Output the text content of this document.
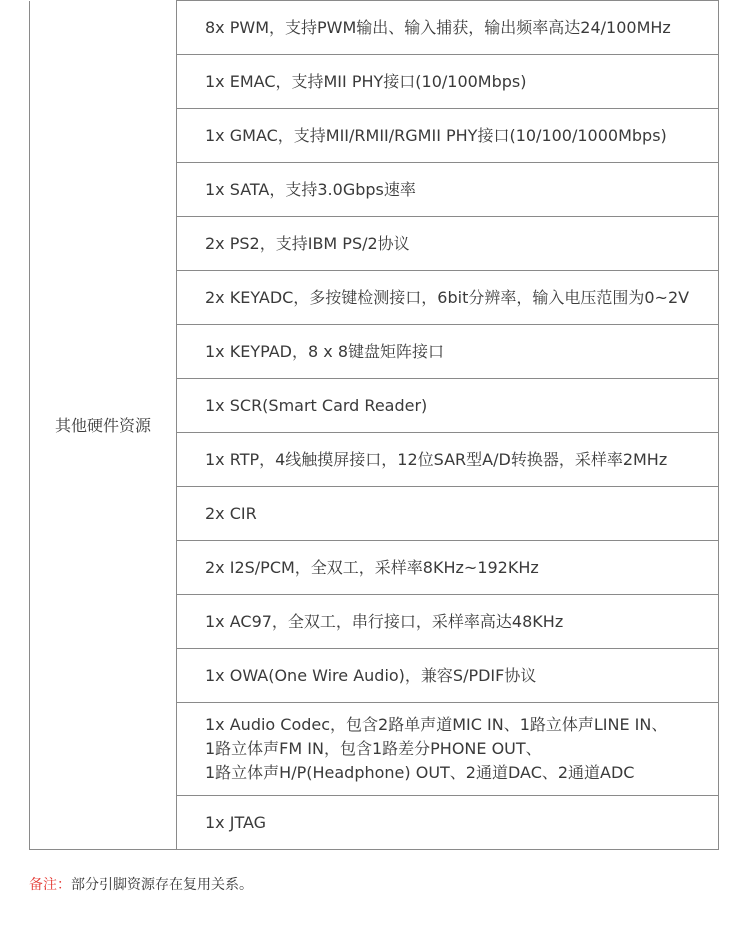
其他硬件资源	8x PWM，支持PWM输出、输入捕获，输出频率高达24/100MHz
1x EMAC，支持MII PHY接口(10/100Mbps)
1x GMAC，支持MII/RMII/RGMII PHY接口(10/100/1000Mbps)
1x SATA，支持3.0Gbps速率
2x PS2，支持IBM PS/2协议
2x KEYADC，多按键检测接口，6bit分辨率，输入电压范围为0~2V
1x KEYPAD，8 x 8键盘矩阵接口
1x SCR(Smart Card Reader)
1x RTP，4线触摸屏接口，12位SAR型A/D转换器，采样率2MHz
2x CIR
2x I2S/PCM，全双工，采样率8KHz~192KHz
1x AC97，全双工，串行接口，采样率高达48KHz
1x OWA(One Wire Audio)，兼容S/PDIF协议

1x Audio Codec，包含2路单声道MIC IN、1路立体声LINE IN、
1路立体声FM IN，包含1路差分PHONE OUT、
1路立体声H/P(Headphone) OUT、2通道DAC、2通道ADC

1x JTAG
备注：部分引脚资源存在复用关系。
